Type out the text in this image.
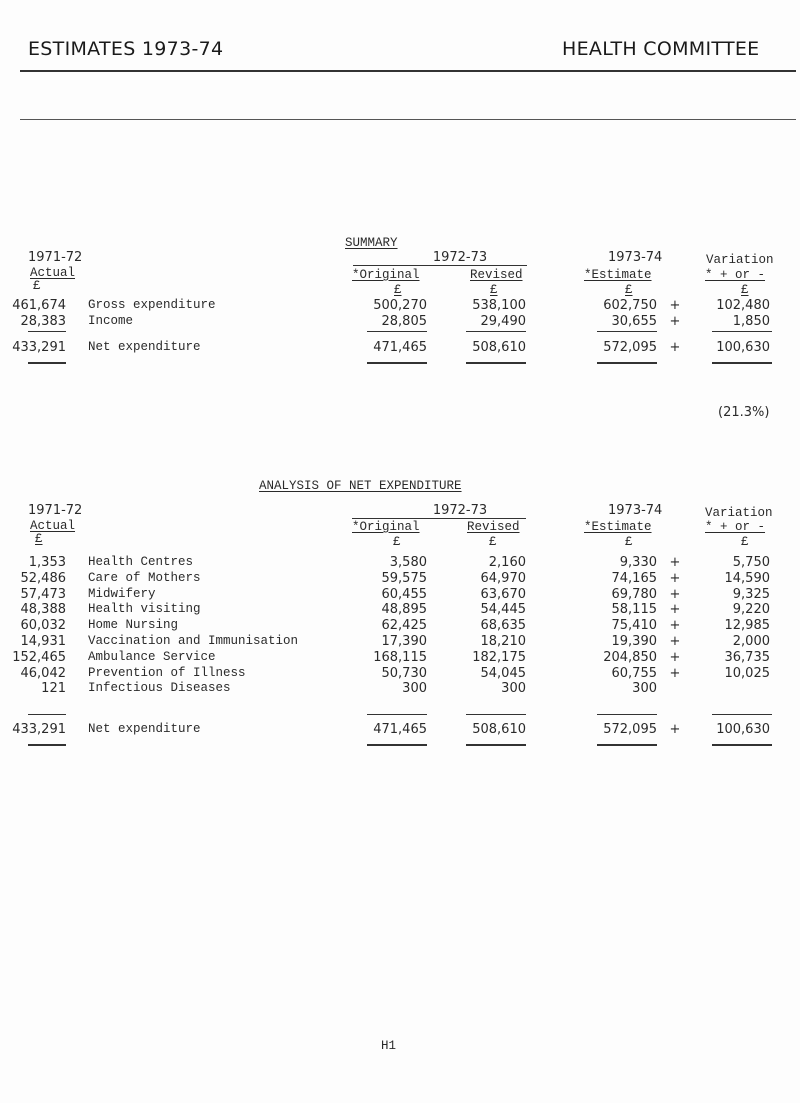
ESTIMATES 1973-74	HEALTH COMMITTEE
SUMMARY
1971-72
Actual
£
1972-73
*Original	Revised
£	£
1973-74
*Estimate
£
Variation
* + or -
£
461,674 Gross expenditure	500,270	538,100	602,750 +	102,480
28,383 Income	28,805	29,490	30,655 +	1,850
433,291 Net expenditure	471,465	508,610	572,095 +	100,630
(21.3%)
ANALYSIS OF NET EXPENDITURE
1971-72
Actual
£
1972-73
*Original	Revised
£	£
1973-74
*Estimate
£
Variation
* + or -
£
1,353 Health Centres	3,580	2,160	9,330 +	5,750
52,486 Care of Mothers	59,575	64,970	74,165 +	14,590
57,473 Midwifery	60,455	63,670	69,780 +	9,325
48,388 Health visiting	48,895	54,445	58,115 +	9,220
60,032 Home Nursing	62,425	68,635	75,410 +	12,985
14,931 Vaccination and Immunisation	17,390	18,210	19,390 +	2,000
152,465 Ambulance Service	168,115	182,175	204,850 +	36,735
46,042 Prevention of Illness	50,730	54,045	60,755 +	10,025
121 Infectious Diseases	300	300	300
433,291 Net expenditure	471,465	508,610	572,095 +	100,630
H1
